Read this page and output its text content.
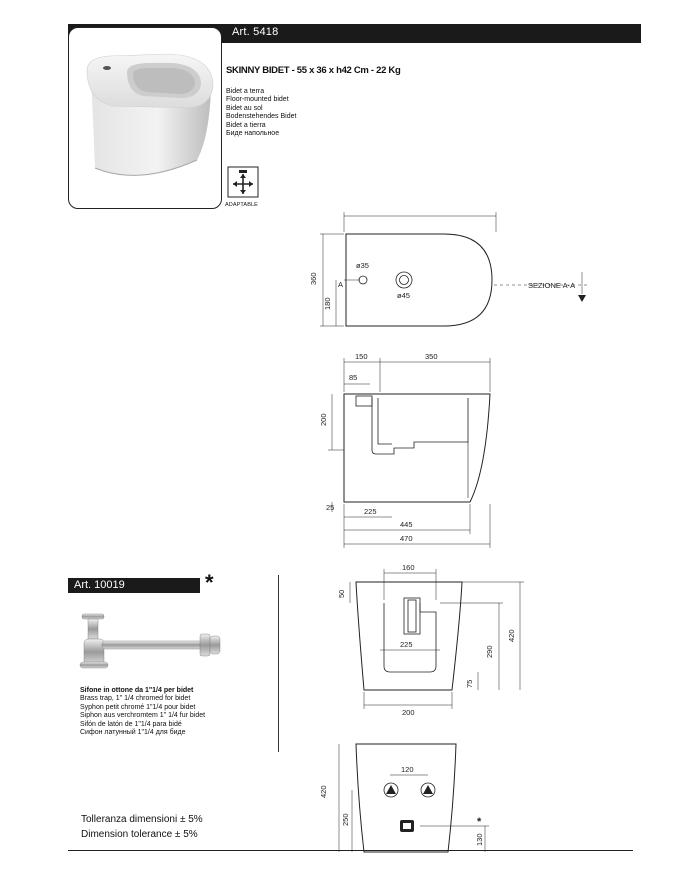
Art. 5418
SKINNY BIDET - 55 x 36 x h42 Cm - 22 Kg
Bidet a terra
Floor-mounted bidet
Bidet au sol
Bodenstehendes Bidet
Bidet a tierra
Биде напольное
ADAPTABLE
360
180
A
ø35
ø45
SEZIONE A-A
150	350
85
200
25	225
445
470
160
50
225
290
420
75
200
120
420
250
130
*
Art. 10019	*
Sifone in ottone da 1"1/4 per bidet
Brass trap, 1" 1/4 chromed for bidet
Syphon petit chromé 1"1/4 pour bidet
Siphon aus verchromtem 1" 1/4 fur bidet
Sifón de latón de 1"1/4 para bidé
Сифон латунный 1"1/4 для биде
Tolleranza dimensioni ± 5%
Dimension tolerance ± 5%
